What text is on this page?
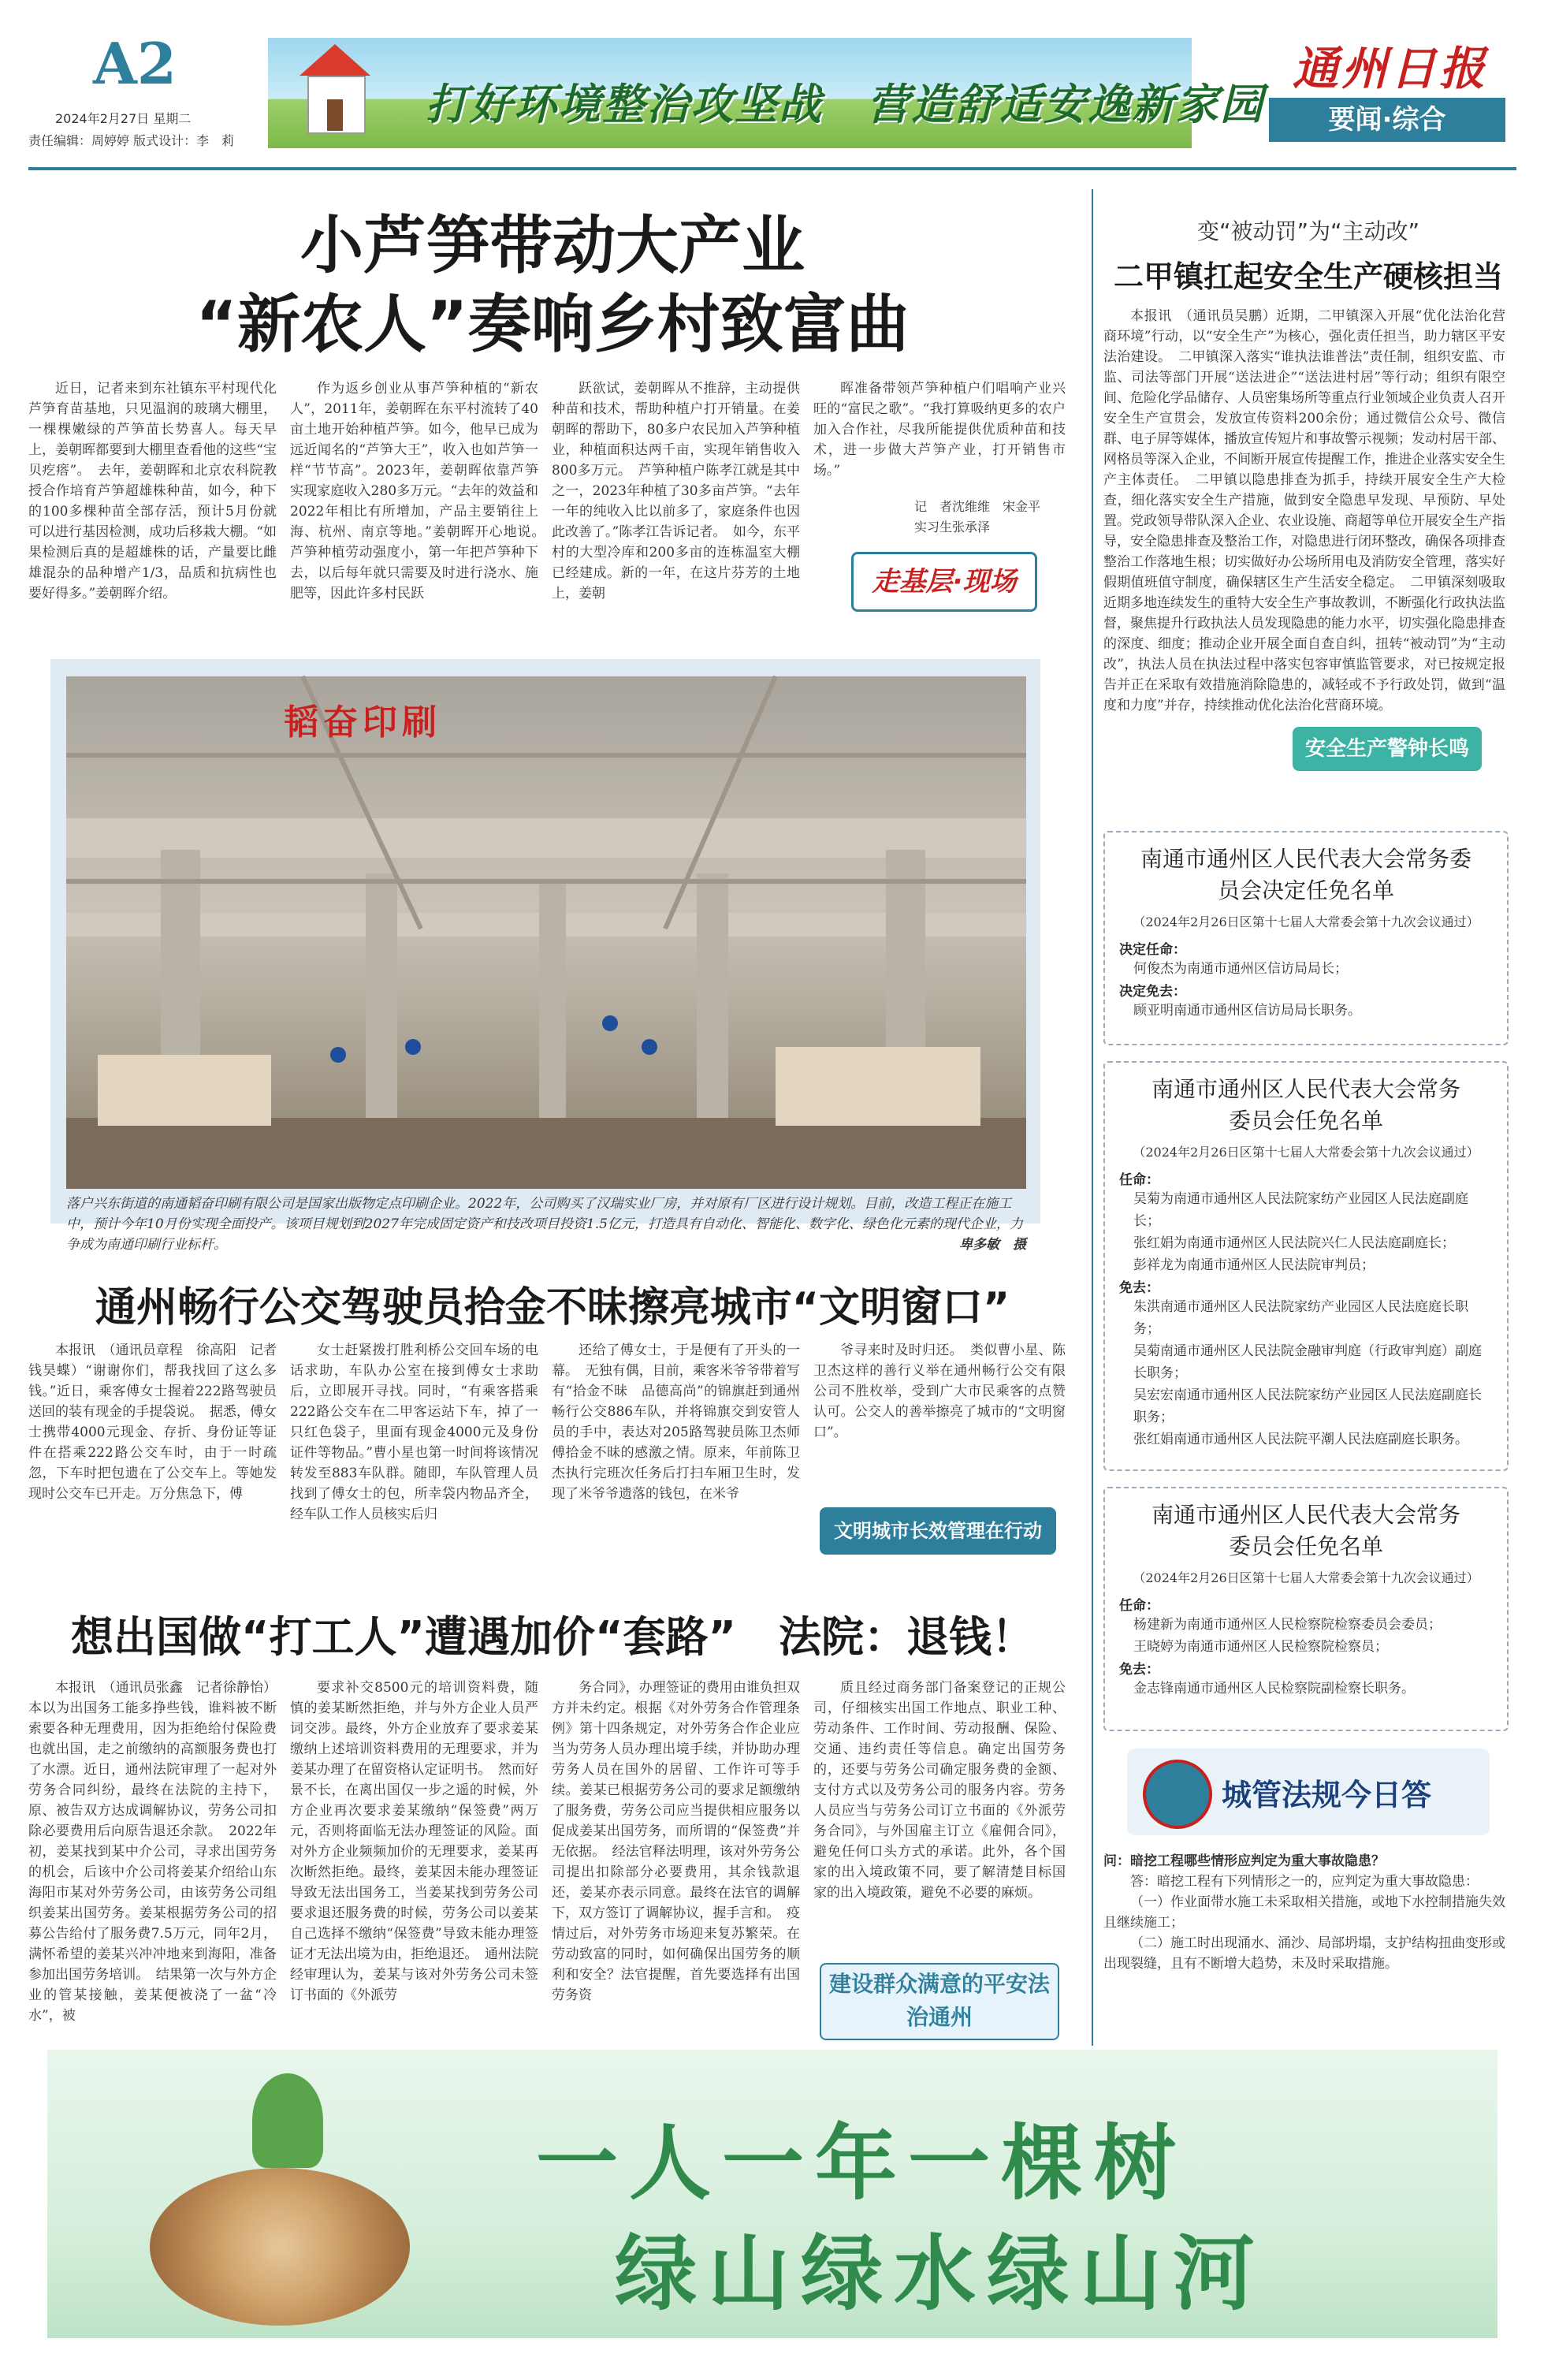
A2
2024年2月27日 星期二
责任编辑：周婷婷 版式设计：李　莉
打好环境整治攻坚战　营造舒适安逸新家园
通州日报
要闻·综合
小芦笋带动大产业
“新农人”奏响乡村致富曲

近日，记者来到东社镇东平村现代化芦笋育苗基地，只见温润的玻璃大棚里，一棵棵嫩绿的芦笋苗长势喜人。每天早上，姜朝晖都要到大棚里查看他的这些“宝贝疙瘩”。　去年，姜朝晖和北京农科院教授合作培育芦笋超雄株种苗，如今，种下的100多棵种苗全部存活，预计5月份就可以进行基因检测，成功后移栽大棚。“如果检测后真的是超雄株的话，产量要比雌雄混杂的品种增产1/3，品质和抗病性也要好得多。”姜朝晖介绍。

作为返乡创业从事芦笋种植的“新农人”，2011年，姜朝晖在东平村流转了40亩土地开始种植芦笋。如今，他早已成为远近闻名的“芦笋大王”，收入也如芦笋一样“节节高”。2023年，姜朝晖依靠芦笋实现家庭收入280多万元。“去年的效益和2022年相比有所增加，产品主要销往上海、杭州、南京等地。”姜朝晖开心地说。　芦笋种植劳动强度小，第一年把芦笋种下去，以后每年就只需要及时进行浇水、施肥等，因此许多村民跃

跃欲试，姜朝晖从不推辞，主动提供种苗和技术，帮助种植户打开销量。在姜朝晖的帮助下，80多户农民加入芦笋种植业，种植面积达两千亩，实现年销售收入800多万元。　芦笋种植户陈孝江就是其中之一，2023年种植了30多亩芦笋。“去年一年的纯收入比以前多了，家庭条件也因此改善了。”陈孝江告诉记者。　如今，东平村的大型冷库和200多亩的连栋温室大棚已经建成。新的一年，在这片芬芳的土地上，姜朝

晖准备带领芦笋种植户们唱响产业兴旺的“富民之歌”。“我打算吸纳更多的农户加入合作社，尽我所能提供优质种苗和技术，进一步做大芦笋产业，打开销售市场。”

记　者沈维维　宋金平
实习生张承泽
走基层·现场
韬奋印刷
落户兴东街道的南通韬奋印刷有限公司是国家出版物定点印刷企业。2022年，公司购买了汉瑞实业厂房，并对原有厂区进行设计规划。目前，改造工程正在施工中，预计今年10月份实现全面投产。该项目规划到2027年完成固定资产和技改项目投资1.5亿元，打造具有自动化、智能化、数字化、绿色化元素的现代企业，力争成为南通印刷行业标杆。	卑多敏　摄
通州畅行公交驾驶员拾金不昧擦亮城市“文明窗口”

本报讯　（通讯员章程　徐高阳　记者钱昊蝶）“谢谢你们，帮我找回了这么多钱。”近日，乘客傅女士握着222路驾驶员送回的装有现金的手提袋说。　据悉，傅女士携带4000元现金、存折、身份证等证件在搭乘222路公交车时，由于一时疏忽，下车时把包遗在了公交车上。等她发现时公交车已开走。万分焦急下，傅

女士赶紧拨打胜利桥公交回车场的电话求助，车队办公室在接到傅女士求助后，立即展开寻找。同时，“有乘客搭乘222路公交车在二甲客运站下车，掉了一只红色袋子，里面有现金4000元及身份证件等物品。”曹小星也第一时间将该情况转发至883车队群。随即，车队管理人员找到了傅女士的包，所幸袋内物品齐全，经车队工作人员核实后归

还给了傅女士，于是便有了开头的一幕。　无独有偶，目前，乘客米爷爷带着写有“拾金不昧　品德高尚”的锦旗赶到通州畅行公交886车队，并将锦旗交到安管人员的手中，表达对205路驾驶员陈卫杰师傅拾金不昧的感激之情。原来，年前陈卫杰执行完班次任务后打扫车厢卫生时，发现了米爷爷遗落的钱包，在米爷

爷寻来时及时归还。　类似曹小星、陈卫杰这样的善行义举在通州畅行公交有限公司不胜枚举，受到广大市民乘客的点赞认可。公交人的善举擦亮了城市的“文明窗口”。

文明城市长效管理在行动
想出国做“打工人”遭遇加价“套路”　法院：退钱！

本报讯　（通讯员张鑫　记者徐静怡）本以为出国务工能多挣些钱，谁料被不断索要各种无理费用，因为拒绝给付保险费也就出国，走之前缴纳的高额服务费也打了水漂。近日，通州法院审理了一起对外劳务合同纠纷，最终在法院的主持下，原、被告双方达成调解协议，劳务公司扣除必要费用后向原告退还余款。　2022年初，姜某找到某中介公司，寻求出国劳务的机会，后该中介公司将姜某介绍给山东海阳市某对外劳务公司，由该劳务公司组织姜某出国劳务。姜某根据劳务公司的招募公告给付了服务费7.5万元，同年2月，满怀希望的姜某兴冲冲地来到海阳，准备参加出国劳务培训。　结果第一次与外方企业的管某接触，姜某便被浇了一盆“冷水”，被

要求补交8500元的培训资料费，随慎的姜某断然拒绝，并与外方企业人员严词交涉。最终，外方企业放弃了要求姜某缴纳上述培训资料费用的无理要求，并为姜某办理了在留资格认定证明书。　然而好景不长，在离出国仅一步之遥的时候，外方企业再次要求姜某缴纳“保签费”两万元，否则将面临无法办理签证的风险。面对外方企业频频加价的无理要求，姜某再次断然拒绝。最终，姜某因未能办理签证导致无法出国务工，当姜某找到劳务公司要求退还服务费的时候，劳务公司以姜某自己选择不缴纳“保签费”导致未能办理签证才无法出境为由，拒绝退还。　通州法院经审理认为，姜某与该对外劳务公司未签订书面的《外派劳

务合同》，办理签证的费用由谁负担双方并未约定。根据《对外劳务合作管理条例》第十四条规定，对外劳务合作企业应当为劳务人员办理出境手续，并协助办理劳务人员在国外的居留、工作许可等手续。姜某已根据劳务公司的要求足额缴纳了服务费，劳务公司应当提供相应服务以促成姜某出国劳务，而所谓的“保签费”并无依据。　经法官释法明理，该对外劳务公司提出扣除部分必要费用，其余钱款退还，姜某亦表示同意。最终在法官的调解下，双方签订了调解协议，握手言和。　疫情过后，对外劳务市场迎来复苏繁荣。在劳动致富的同时，如何确保出国劳务的顺利和安全？法官提醒，首先要选择有出国劳务资

质且经过商务部门备案登记的正规公司，仔细核实出国工作地点、职业工种、劳动条件、工作时间、劳动报酬、保险、交通、违约责任等信息。确定出国劳务的，还要与劳务公司确定服务费的金额、支付方式以及劳务公司的服务内容。劳务人员应当与劳务公司订立书面的《外派劳务合同》，与外国雇主订立《雇佣合同》，避免任何口头方式的承诺。此外，各个国家的出入境政策不同，要了解清楚目标国家的出入境政策，避免不必要的麻烦。

建设群众满意的平安法治通州
变“被动罚”为“主动改”
二甲镇扛起安全生产硬核担当

本报讯　（通讯员吴鹏）近期，二甲镇深入开展“优化法治化营商环境”行动，以“安全生产”为核心，强化责任担当，助力辖区平安法治建设。　二甲镇深入落实“谁执法谁普法”责任制，组织安监、市监、司法等部门开展“送法进企”“送法进村居”等行动；组织有限空间、危险化学品储存、人员密集场所等重点行业领域企业负责人召开安全生产宣贯会，发放宣传资料200余份；通过微信公众号、微信群、电子屏等媒体，播放宣传短片和事故警示视频；发动村居干部、网格员等深入企业，不间断开展宣传提醒工作，推进企业落实安全生产主体责任。　二甲镇以隐患排查为抓手，持续开展安全生产大检查，细化落实安全生产措施，做到安全隐患早发现、早预防、早处置。党政领导带队深入企业、农业设施、商超等单位开展安全生产指导，安全隐患排查及整治工作，对隐患进行闭环整改，确保各项排查整治工作落地生根；切实做好办公场所用电及消防安全管理，落实好假期值班值守制度，确保辖区生产生活安全稳定。　二甲镇深刻吸取近期多地连续发生的重特大安全生产事故教训，不断强化行政执法监督，聚焦提升行政执法人员发现隐患的能力水平，切实强化隐患排查的深度、细度；推动企业开展全面自查自纠，扭转“被动罚”为“主动改”，执法人员在执法过程中落实包容审慎监管要求，对已按规定报告并正在采取有效措施消除隐患的，减轻或不予行政处罚，做到“温度和力度”并存，持续推动优化法治化营商环境。

安全生产警钟长鸣
南通市通州区人民代表大会常务委员会决定任免名单
（2024年2月26日区第十七届人大常委会第十九次会议通过）
决定任命：
何俊杰为南通市通州区信访局局长；
决定免去：
顾亚明南通市通州区信访局局长职务。
南通市通州区人民代表大会常务委员会任免名单
（2024年2月26日区第十七届人大常委会第十九次会议通过）
任命：
吴菊为南通市通州区人民法院家纺产业园区人民法庭副庭长；
张红娟为南通市通州区人民法院兴仁人民法庭副庭长；
彭祥龙为南通市通州区人民法院审判员；
免去：
朱洪南通市通州区人民法院家纺产业园区人民法庭庭长职务；
吴菊南通市通州区人民法院金融审判庭（行政审判庭）副庭长职务；
吴宏宏南通市通州区人民法院家纺产业园区人民法庭副庭长职务；
张红娟南通市通州区人民法院平潮人民法庭副庭长职务。
南通市通州区人民代表大会常务委员会任免名单
（2024年2月26日区第十七届人大常委会第十九次会议通过）
任命：
杨建新为南通市通州区人民检察院检察委员会委员；
王晓婷为南通市通州区人民检察院检察员；
免去：
金志锋南通市通州区人民检察院副检察长职务。
城管法规今日答
问：暗挖工程哪些情形应判定为重大事故隐患？
答：暗挖工程有下列情形之一的，应判定为重大事故隐患：
（一）作业面带水施工未采取相关措施，或地下水控制措施失效且继续施工；
（二）施工时出现涌水、涌沙、局部坍塌，支护结构扭曲变形或出现裂缝，且有不断增大趋势，未及时采取措施。
一人一年一棵树
绿山绿水绿山河
